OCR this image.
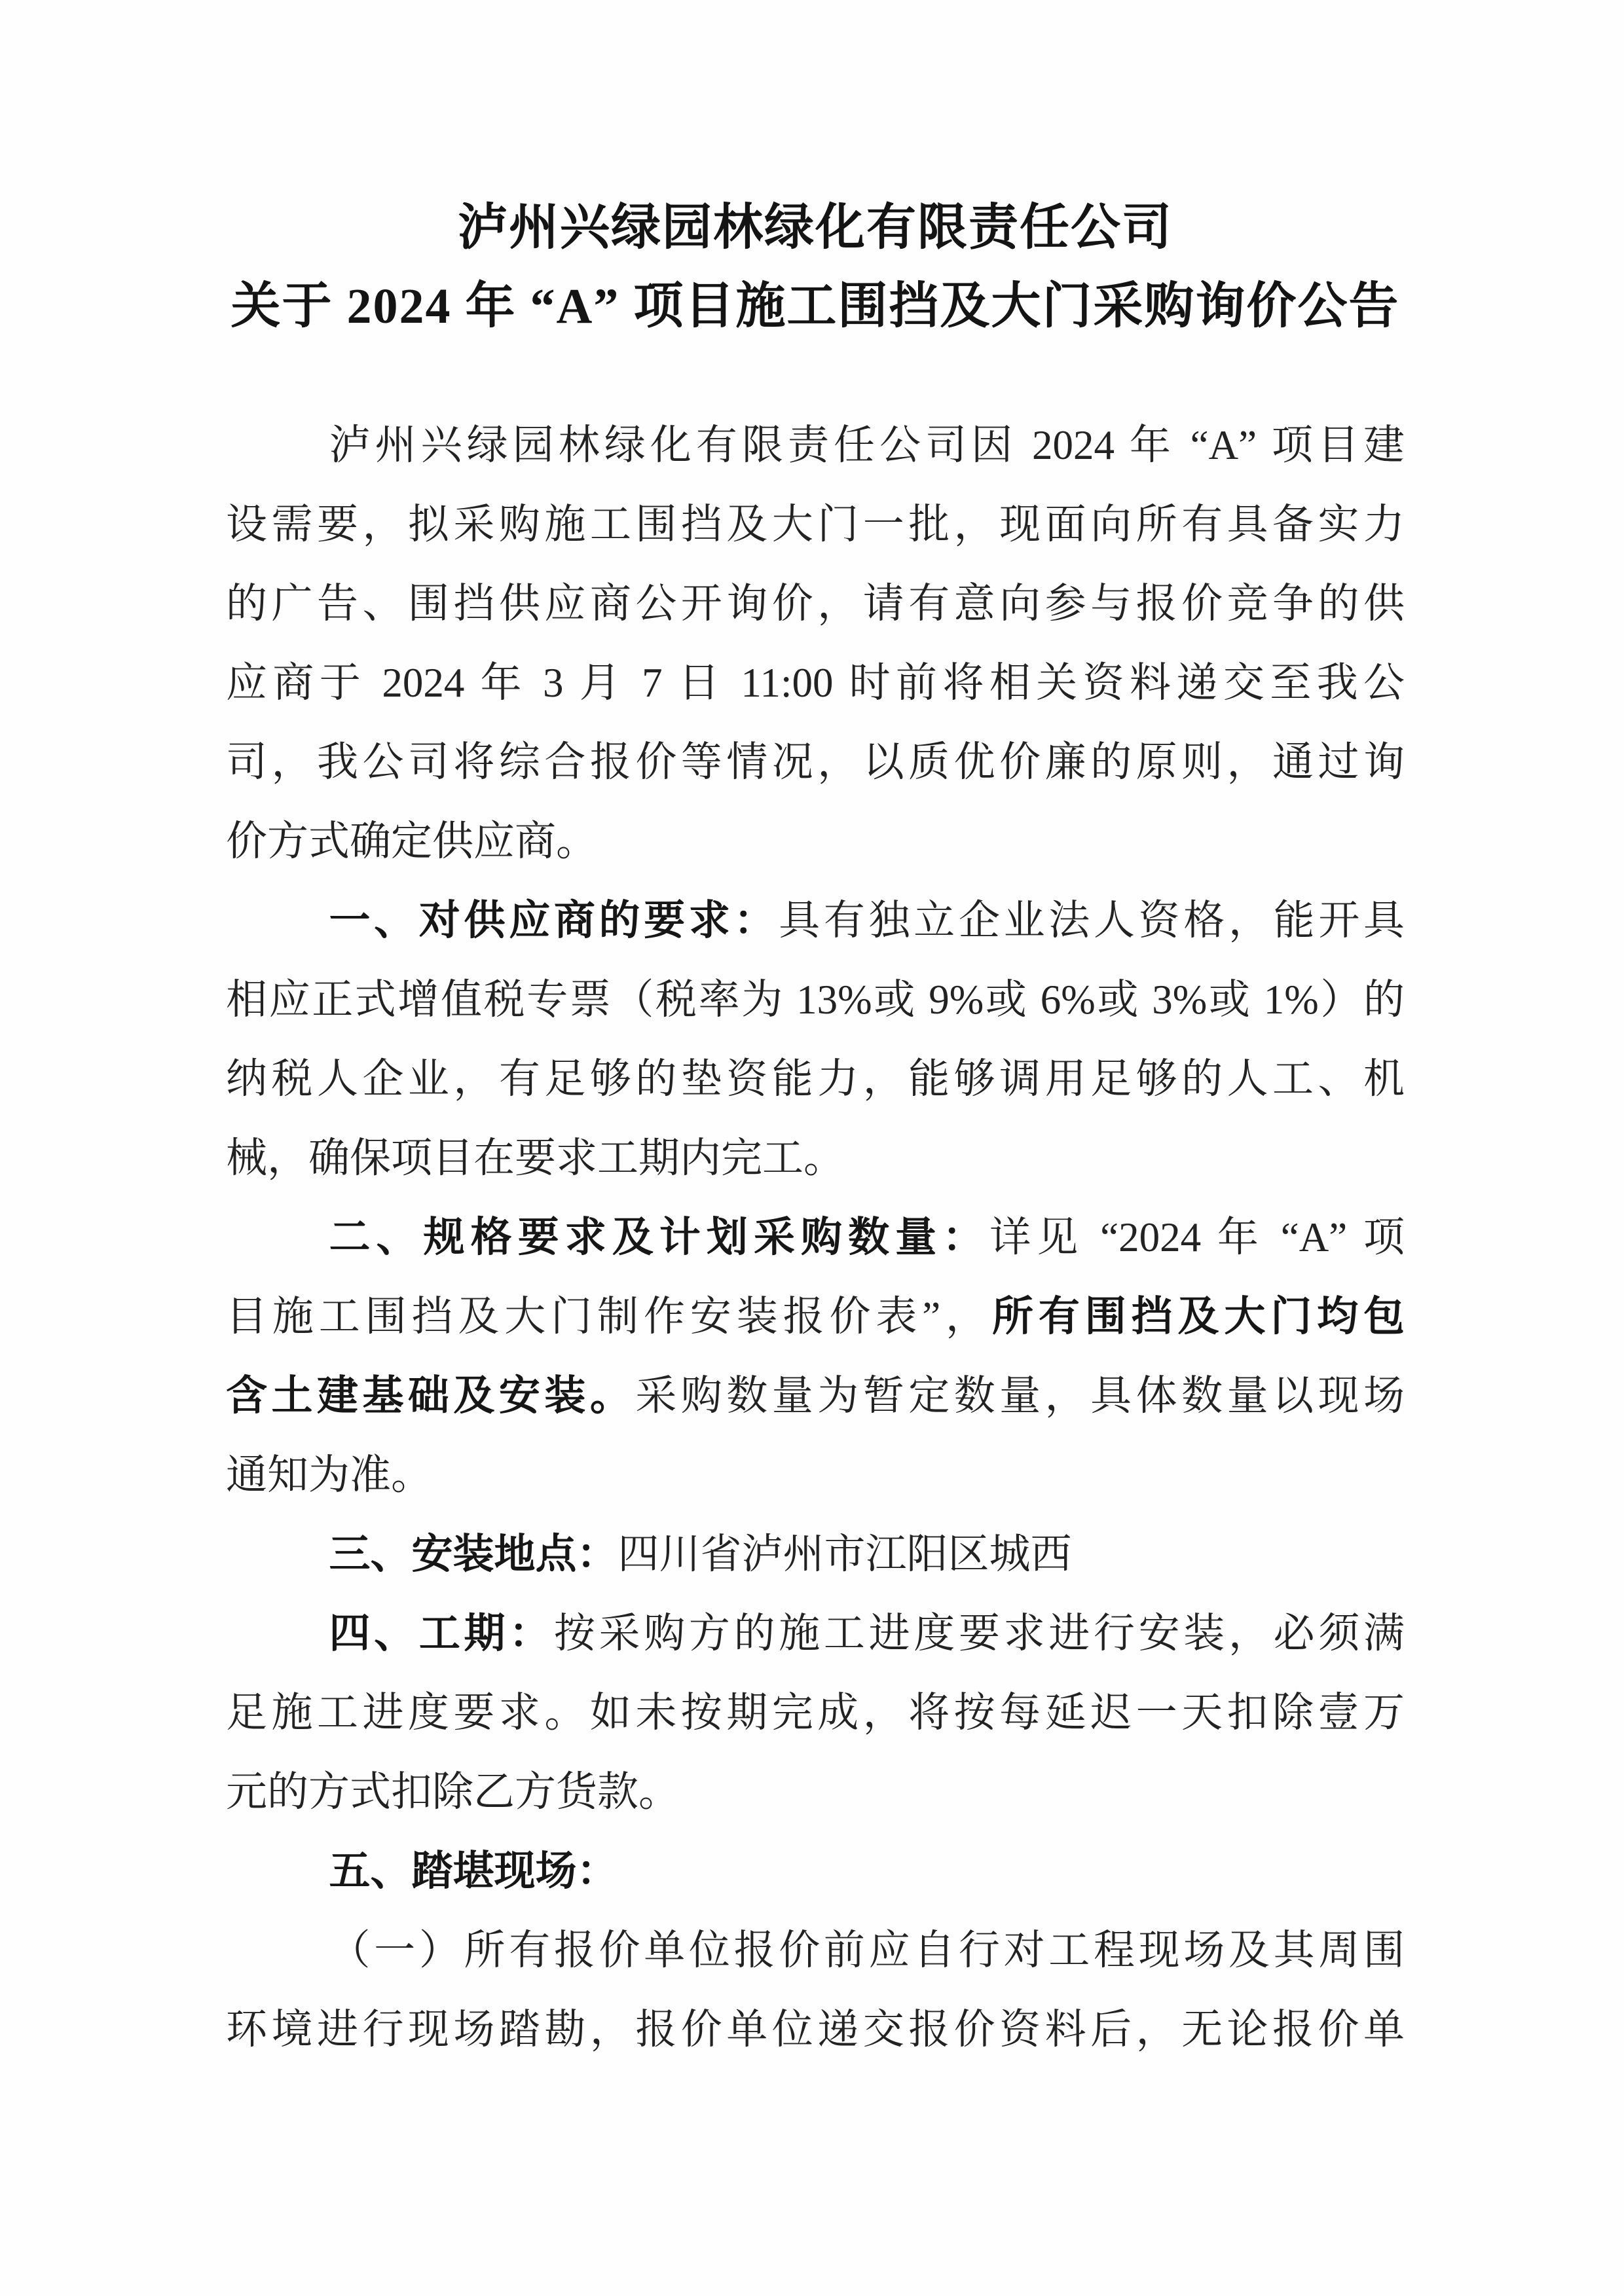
泸州兴绿园林绿化有限责任公司
关于 2024 年 “A” 项目施工围挡及大门采购询价公告
泸州兴绿园林绿化有限责任公司因 2024 年 “A” 项目建
设需要，拟采购施工围挡及大门一批，现面向所有具备实力
的广告、围挡供应商公开询价，请有意向参与报价竞争的供
应商于 2024 年 3 月 7 日 11:00 时前将相关资料递交至我公
司，我公司将综合报价等情况，以质优价廉的原则，通过询
价方式确定供应商。
一、对供应商的要求：具有独立企业法人资格，能开具
相应正式增值税专票（税率为 13%或 9%或 6%或 3%或 1%）的
纳税人企业，有足够的垫资能力，能够调用足够的人工、机
械，确保项目在要求工期内完工。
二、规格要求及计划采购数量：详见 “2024 年 “A” 项
目施工围挡及大门制作安装报价表”，所有围挡及大门均包
含土建基础及安装。采购数量为暂定数量，具体数量以现场
通知为准。
三、安装地点：四川省泸州市江阳区城西
四、工期：按采购方的施工进度要求进行安装，必须满
足施工进度要求。如未按期完成，将按每延迟一天扣除壹万
元的方式扣除乙方货款。
五、踏堪现场：
（一）所有报价单位报价前应自行对工程现场及其周围
环境进行现场踏勘，报价单位递交报价资料后，无论报价单
